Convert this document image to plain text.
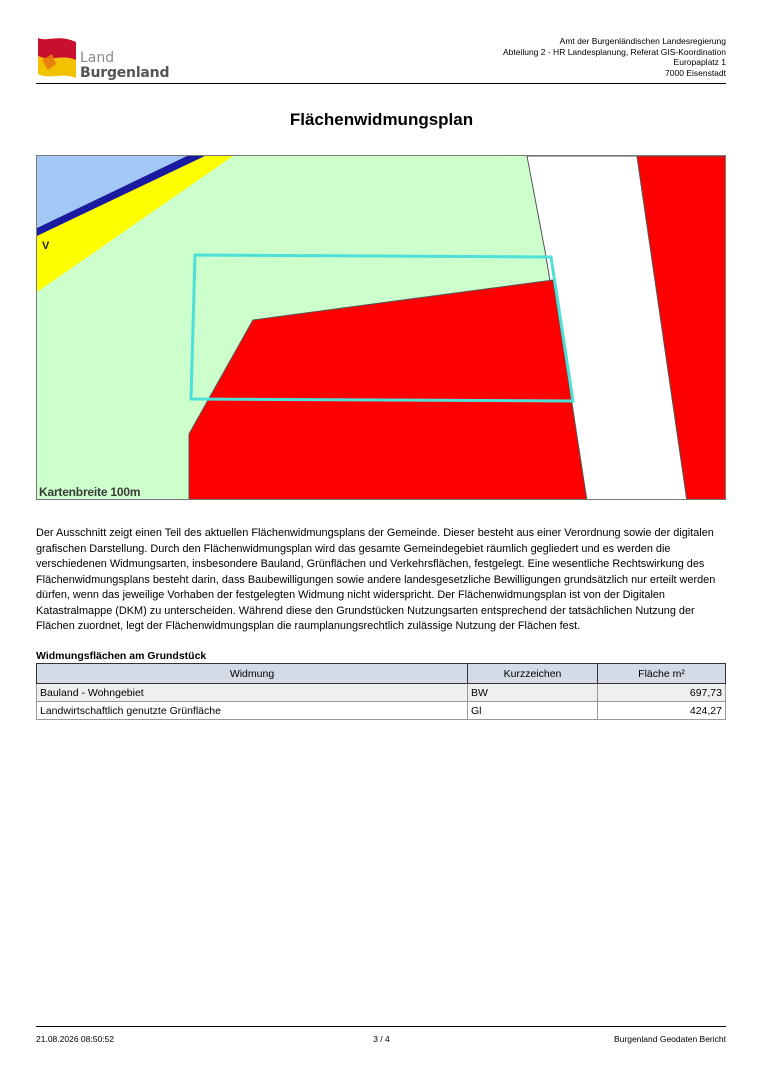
Land
Burgenland
Amt der Burgenländischen Landesregierung
Abteilung 2 - HR Landesplanung, Referat GIS-Koordination
Europaplatz 1
7000 Eisenstadt
Flächenwidmungsplan
V
Kartenbreite 100m
Der Ausschnitt zeigt einen Teil des aktuellen Flächenwidmungsplans der Gemeinde. Dieser besteht aus einer Verordnung sowie der digitalen grafischen Darstellung. Durch den Flächenwidmungsplan wird das gesamte Gemeindegebiet räumlich gegliedert und es werden die verschiedenen Widmungsarten, insbesondere Bauland, Grünflächen und Verkehrsflächen, festgelegt. Eine wesentliche Rechtswirkung des Flächenwidmungsplans besteht darin, dass Baubewilligungen sowie andere landesgesetzliche Bewilligungen grundsätzlich nur erteilt werden dürfen, wenn das jeweilige Vorhaben der festgelegten Widmung nicht widerspricht. Der Flächenwidmungsplan ist von der Digitalen Katastralmappe (DKM) zu unterscheiden. Während diese den Grundstücken Nutzungsarten entsprechend der tatsächlichen Nutzung der Flächen zuordnet, legt der Flächenwidmungsplan die raumplanungsrechtlich zulässige Nutzung der Flächen fest.
Widmungsflächen am Grundstück
Widmung	Kurzzeichen	Fläche m²
Bauland - Wohngebiet	BW	697,73
Landwirtschaftlich genutzte Grünfläche	Gl	424,27
21.08.2026 08:50:52	3 / 4	Burgenland Geodaten Bericht
